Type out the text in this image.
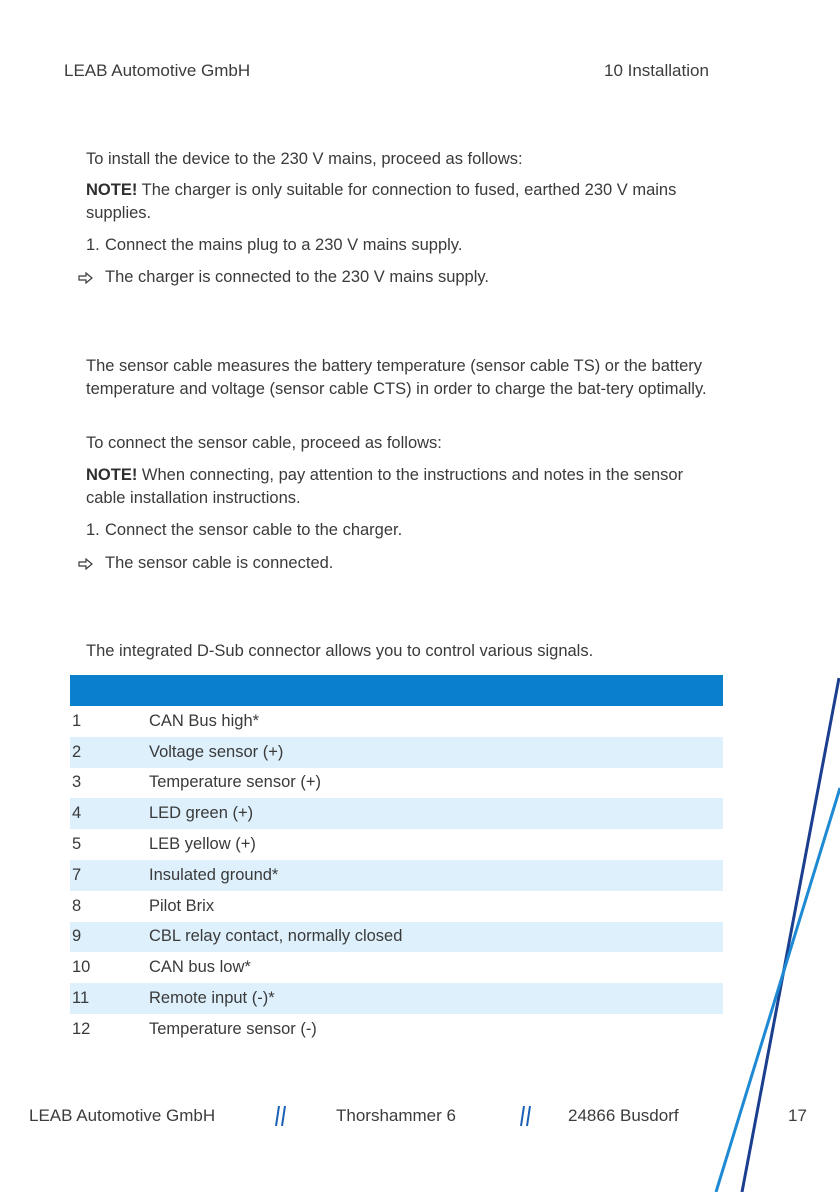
LEAB Automotive GmbH	10 Installation
To install the device to the 230 V mains, proceed as follows:
NOTE! The charger is only suitable for connection to fused, earthed 230 V mains supplies.
1. Connect the mains plug to a 230 V mains supply.
The charger is connected to the 230 V mains supply.
The sensor cable measures the battery temperature (sensor cable TS) or the battery temperature and voltage (sensor cable CTS) in order to charge the bat-tery optimally.
To connect the sensor cable, proceed as follows:
NOTE! When connecting, pay attention to the instructions and notes in the sensor cable installation instructions.
1. Connect the sensor cable to the charger.
The sensor cable is connected.
The integrated D-Sub connector allows you to control various signals.
1	CAN Bus high*
2	Voltage sensor (+)
3	Temperature sensor (+)
4	LED green (+)
5	LEB yellow (+)
7	Insulated ground*
8	Pilot Brix
9	CBL relay contact, normally closed
10	CAN bus low*
11	Remote input (-)*
12	Temperature sensor (-)
LEAB Automotive GmbH	Thorshammer 6	24866 Busdorf	17
